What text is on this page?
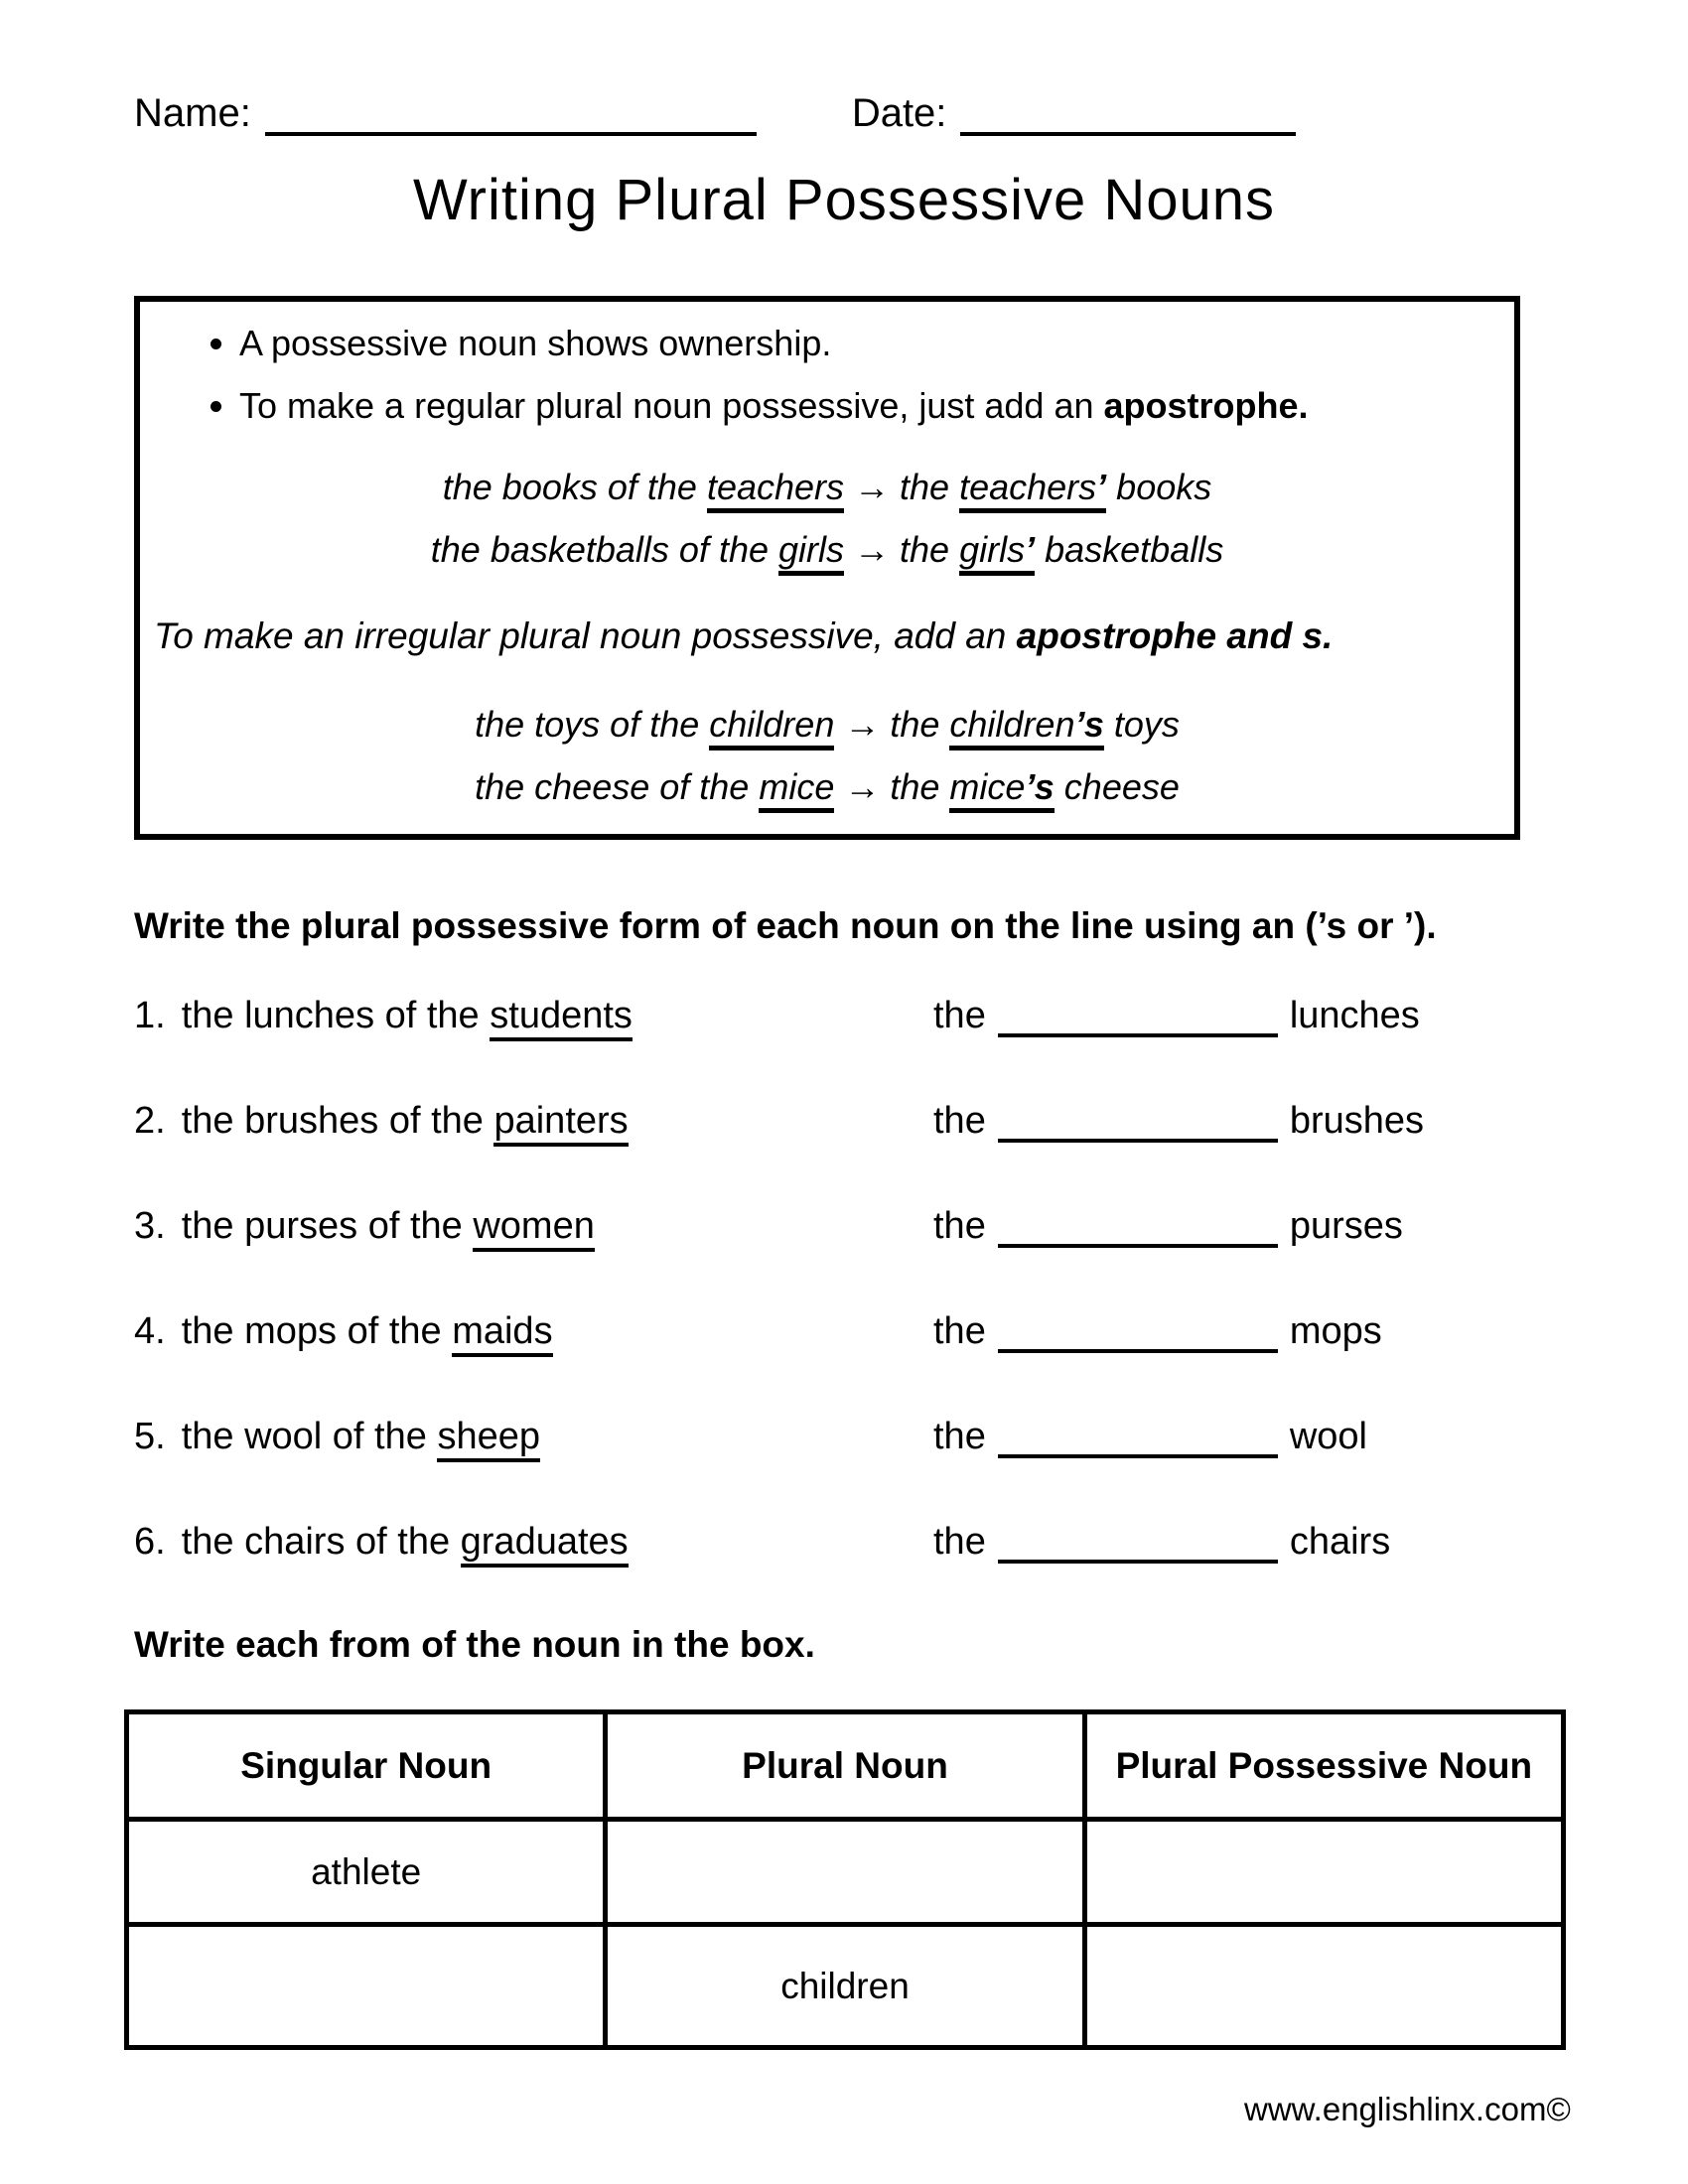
Name:	Date:
Writing Plural Possessive Nouns
• A possessive noun shows ownership.
• To make a regular plural noun possessive, just add an apostrophe.
the books of the teachers → the teachers’ books
the basketballs of the girls → the girls’ basketballs
To make an irregular plural noun possessive, add an apostrophe and s.
the toys of the children → the children’s toys
the cheese of the mice → the mice’s cheese
Write the plural possessive form of each noun on the line using an (’s or ’).
1. the lunches of the students	the	lunches
2. the brushes of the painters	the	brushes
3. the purses of the women	the	purses
4. the mops of the maids	the	mops
5. the wool of the sheep	the	wool
6. the chairs of the graduates	the	chairs
Write each from of the noun in the box.
Singular Noun	Plural Noun	Plural Possessive Noun
athlete		
	children	
www.englishlinx.com©
